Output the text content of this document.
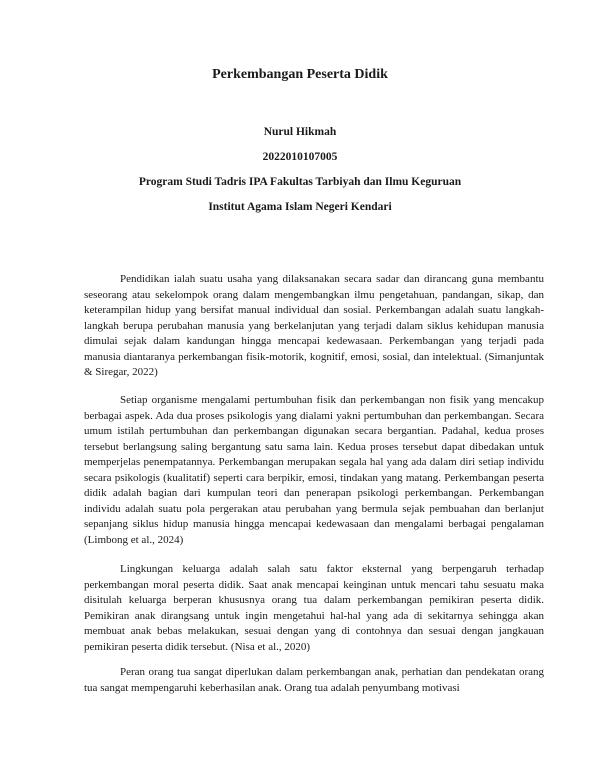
Perkembangan Peserta Didik

Nurul Hikmah

2022010107005

Program Studi Tadris IPA Fakultas Tarbiyah dan Ilmu Keguruan

Institut Agama Islam Negeri Kendari

Pendidikan ialah suatu usaha yang dilaksanakan secara sadar dan dirancang guna membantu seseorang atau sekelompok orang dalam mengembangkan ilmu pengetahuan, pandangan, sikap, dan keterampilan hidup yang bersifat manual individual dan sosial. Perkembangan adalah suatu langkah-langkah berupa perubahan manusia yang berkelanjutan yang terjadi dalam siklus kehidupan manusia dimulai sejak dalam kandungan hingga mencapai kedewasaan. Perkembangan yang terjadi pada manusia diantaranya perkembangan fisik-motorik, kognitif, emosi, sosial, dan intelektual. (Simanjuntak & Siregar, 2022)

Setiap organisme mengalami pertumbuhan fisik dan perkembangan non fisik yang mencakup berbagai aspek. Ada dua proses psikologis yang dialami yakni pertumbuhan dan perkembangan. Secara umum istilah pertumbuhan dan perkembangan digunakan secara bergantian. Padahal, kedua proses tersebut berlangsung saling bergantung satu sama lain. Kedua proses tersebut dapat dibedakan untuk memperjelas penempatannya. Perkembangan merupakan segala hal yang ada dalam diri setiap individu secara psikologis (kualitatif) seperti cara berpikir, emosi, tindakan yang matang. Perkembangan peserta didik adalah bagian dari kumpulan teori dan penerapan psikologi perkembangan. Perkembangan individu adalah suatu pola pergerakan atau perubahan yang bermula sejak pembuahan dan berlanjut sepanjang siklus hidup manusia hingga mencapai kedewasaan dan mengalami berbagai pengalaman (Limbong et al., 2024)

Lingkungan keluarga adalah salah satu faktor eksternal yang berpengaruh terhadap perkembangan moral peserta didik. Saat anak mencapai keinginan untuk mencari tahu sesuatu maka disitulah keluarga berperan khususnya orang tua dalam perkembangan pemikiran peserta didik. Pemikiran anak dirangsang untuk ingin mengetahui hal-hal yang ada di sekitarnya sehingga akan membuat anak bebas melakukan, sesuai dengan yang di contohnya dan sesuai dengan jangkauan pemikiran peserta didik tersebut. (Nisa et al., 2020)

Peran orang tua sangat diperlukan dalam perkembangan anak, perhatian dan pendekatan orang tua sangat mempengaruhi keberhasilan anak. Orang tua adalah penyumbang motivasi
